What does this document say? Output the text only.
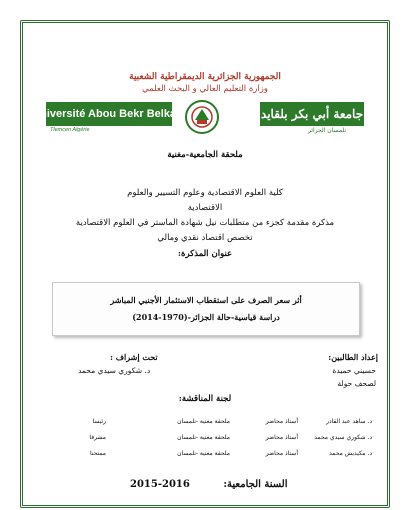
الجمهورية الجزائرية الديمقراطية الشعبية
وزارة التعليم العالي و البحث العلمي
Université Abou Bekr Belkaid
Tlemcen Algérie
جامعة أبي بكر بلقايد
تلمسان الجزائر
ملحقة الجامعية-مغنية
كلية العلوم الاقتصادية وعلوم التسيير والعلوم
الاقتصادية
مذكرة مقدمة كجزء من متطلبات نيل شهادة الماستر في العلوم الاقتصادية
تخصص اقتصاد نقدي ومالي
عنوان المذكرة:
أثر سعر الصرف على استقطاب الاستثمار الأجنبي المباشر
دراسة قياسية-حالة الجزائر-(1970-2014)
إعداد الطالبين:
حسيني حميدة
لصحف حولة
تحت إشراف :
د. شكوري سيدي محمد
لجنة المناقشة:
د. ساهد عبد القادر
أستاذ محاضر
ملحقة مغنية -تلمسان
رئيسا
د. شكوري سيدي محمد
أستاذ محاضر
ملحقة مغنية -تلمسان
مشرفا
د. مكيديش محمد
أستاذ محاضر
ملحقة مغنية -تلمسان
ممتحنا
السنة الجامعية: 2015-2016
